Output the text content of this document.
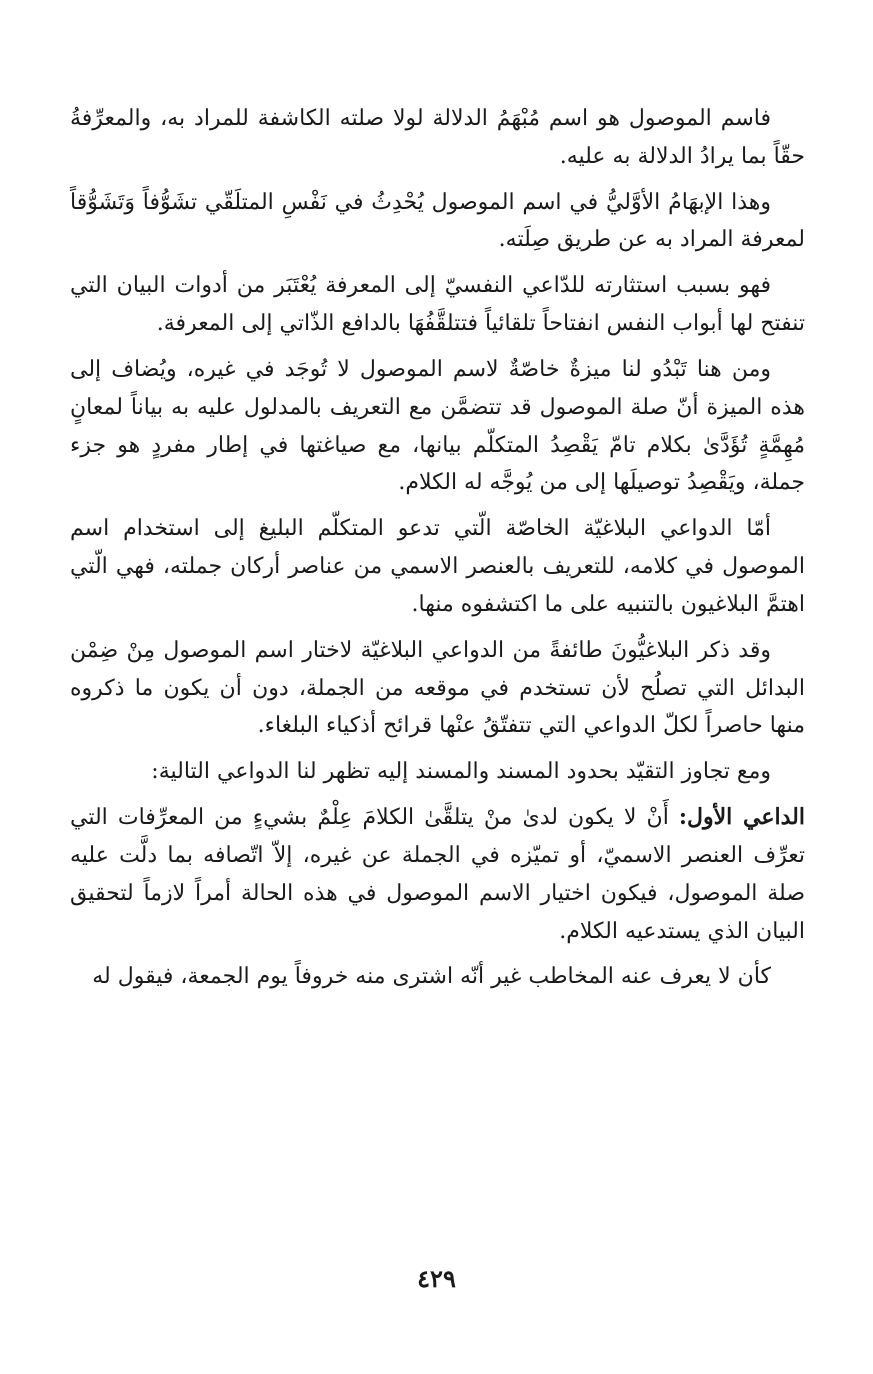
فاسم الموصول هو اسم مُبْهَمُ الدلالة لولا صلته الكاشفة للمراد به، والمعرِّفةُ حقّاً بما يرادُ الدلالة به عليه.

وهذا الإبهَامُ الأوَّليُّ في اسم الموصول يُحْدِثُ في نَفْسِ المتلَقّي تشَوُّفاً وَتَشَوُّقاً لمعرفة المراد به عن طريق صِلَته.

فهو بسبب استثارته للدّاعي النفسيّ إلى المعرفة يُعْتَبَر من أدوات البيان التي تنفتح لها أبواب النفس انفتاحاً تلقائياً فتتلقَّفُهَا بالدافع الذّاتي إلى المعرفة.

ومن هنا تَبْدُو لنا ميزةٌ خاصّةٌ لاسم الموصول لا تُوجَد في غيره، ويُضاف إلى هذه الميزة أنّ صلة الموصول قد تتضمَّن مع التعريف بالمدلول عليه به بياناً لمعانٍ مُهِمَّةٍ تُؤَدَّىٰ بكلام تامّ يَقْصِدُ المتكلّم بيانها، مع صياغتها في إطار مفردٍ هو جزء جملة، ويَقْصِدُ توصيلَها إلى من يُوجَّه له الكلام.

أمّا الدواعي البلاغيّة الخاصّة الّتي تدعو المتكلّم البليغ إلى استخدام اسم الموصول في كلامه، للتعريف بالعنصر الاسمي من عناصر أركان جملته، فهي الّتي اهتمَّ البلاغيون بالتنبيه على ما اكتشفوه منها.

وقد ذكر البلاغيُّونَ طائفةً من الدواعي البلاغيّة لاختار اسم الموصول مِنْ ضِمْن البدائل التي تصلُح لأن تستخدم في موقعه من الجملة، دون أن يكون ما ذكروه منها حاصراً لكلّ الدواعي التي تتفتّقُ عنْها قرائح أذكياء البلغاء.

ومع تجاوز التقيّد بحدود المسند والمسند إليه تظهر لنا الدواعي التالية:

الداعي الأول: أَنْ لا يكون لدىٰ منْ يتلقَّىٰ الكلامَ عِلْمٌ بشيءٍ من المعرِّفات التي تعرِّف العنصر الاسميّ، أو تميّزه في الجملة عن غيره، إلاّ اتّصافه بما دلَّت عليه صلة الموصول، فيكون اختيار الاسم الموصول في هذه الحالة أمراً لازماً لتحقيق البيان الذي يستدعيه الكلام.

كأن لا يعرف عنه المخاطب غير أنّه اشترى منه خروفاً يوم الجمعة، فيقول له

٤٢٩
